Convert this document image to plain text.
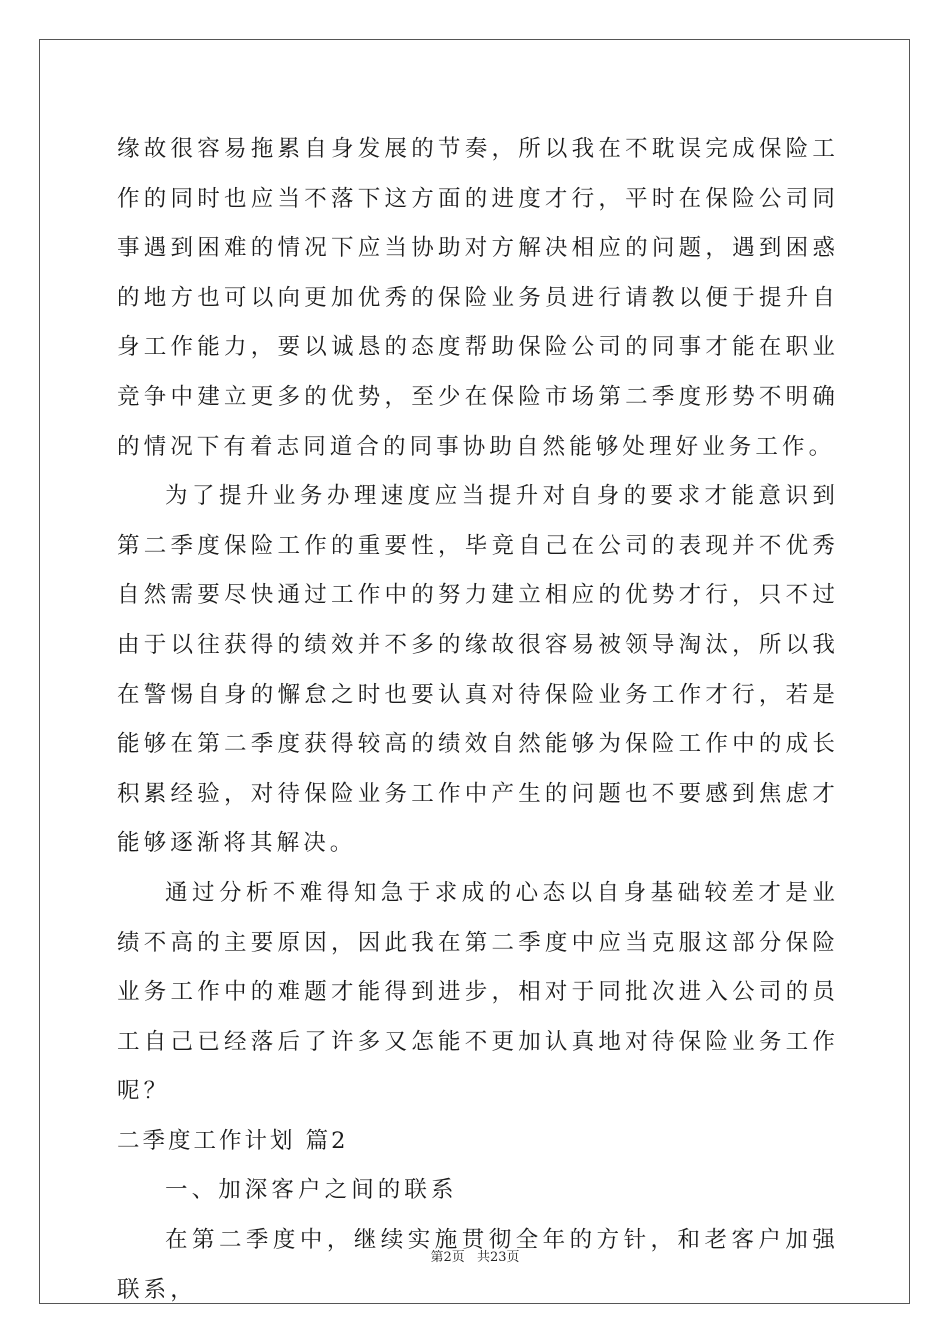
缘故很容易拖累自身发展的节奏，所以我在不耽误完成保险工作的同时也应当不落下这方面的进度才行，平时在保险公司同事遇到困难的情况下应当协助对方解决相应的问题，遇到困惑的地方也可以向更加优秀的保险业务员进行请教以便于提升自身工作能力，要以诚恳的态度帮助保险公司的同事才能在职业竞争中建立更多的优势，至少在保险市场第二季度形势不明确的情况下有着志同道合的同事协助自然能够处理好业务工作。

为了提升业务办理速度应当提升对自身的要求才能意识到第二季度保险工作的重要性，毕竟自己在公司的表现并不优秀自然需要尽快通过工作中的努力建立相应的优势才行，只不过由于以往获得的绩效并不多的缘故很容易被领导淘汰，所以我在警惕自身的懈怠之时也要认真对待保险业务工作才行，若是能够在第二季度获得较高的绩效自然能够为保险工作中的成长积累经验，对待保险业务工作中产生的问题也不要感到焦虑才能够逐渐将其解决。

通过分析不难得知急于求成的心态以自身基础较差才是业绩不高的主要原因，因此我在第二季度中应当克服这部分保险业务工作中的难题才能得到进步，相对于同批次进入公司的员工自己已经落后了许多又怎能不更加认真地对待保险业务工作呢？

二季度工作计划 篇2

一、加深客户之间的联系

在第二季度中，继续实施贯彻全年的方针，和老客户加强联系，

第2页 共23页
